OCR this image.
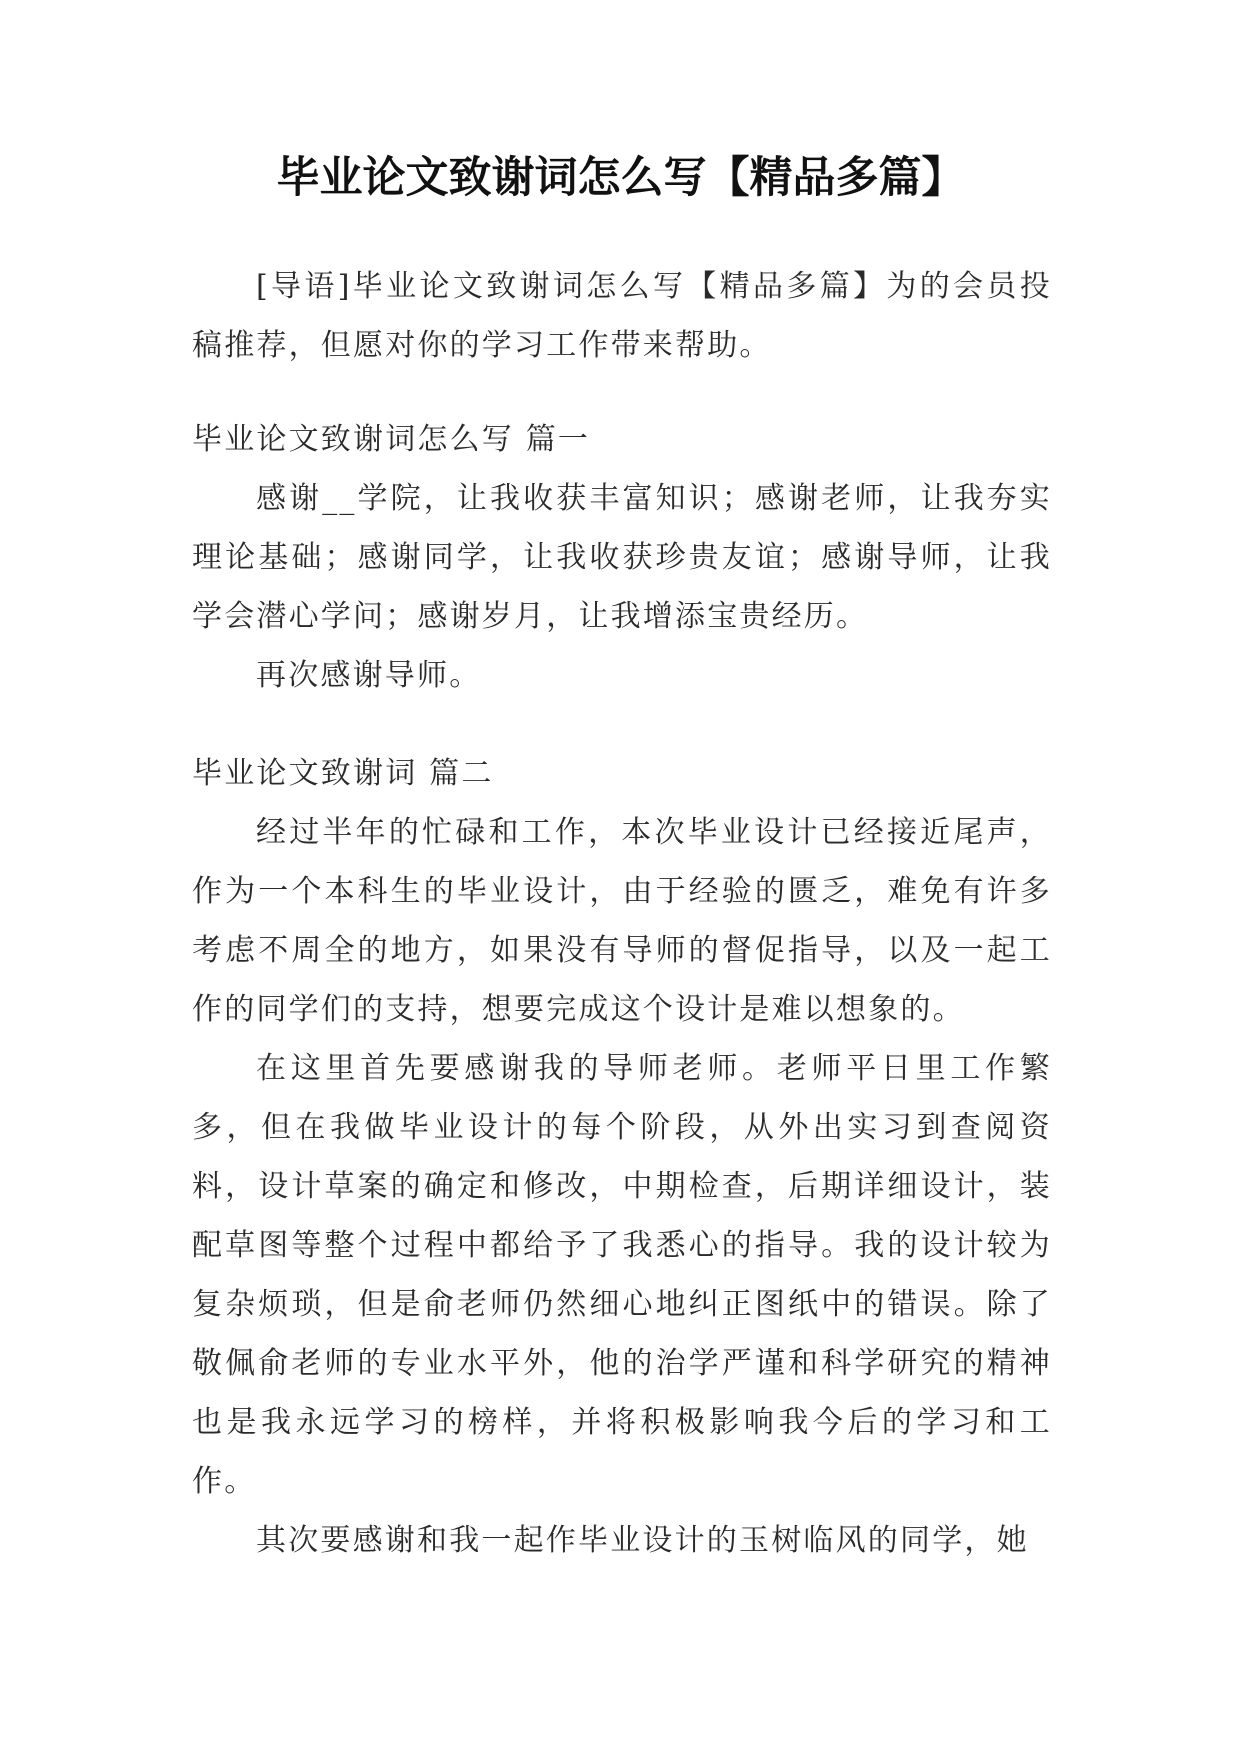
毕业论文致谢词怎么写【精品多篇】

[导语]毕业论文致谢词怎么写【精品多篇】为的会员投稿推荐，但愿对你的学习工作带来帮助。

毕业论文致谢词怎么写 篇一

感谢__学院，让我收获丰富知识；感谢老师，让我夯实理论基础；感谢同学，让我收获珍贵友谊；感谢导师，让我学会潜心学问；感谢岁月，让我增添宝贵经历。

再次感谢导师。

毕业论文致谢词 篇二

经过半年的忙碌和工作，本次毕业设计已经接近尾声，作为一个本科生的毕业设计，由于经验的匮乏，难免有许多考虑不周全的地方，如果没有导师的督促指导，以及一起工作的同学们的支持，想要完成这个设计是难以想象的。

在这里首先要感谢我的导师老师。老师平日里工作繁多，但在我做毕业设计的每个阶段，从外出实习到查阅资料，设计草案的确定和修改，中期检查，后期详细设计，装配草图等整个过程中都给予了我悉心的指导。我的设计较为复杂烦琐，但是俞老师仍然细心地纠正图纸中的错误。除了敬佩俞老师的专业水平外，他的治学严谨和科学研究的精神也是我永远学习的榜样，并将积极影响我今后的学习和工作。

其次要感谢和我一起作毕业设计的玉树临风的同学，她
